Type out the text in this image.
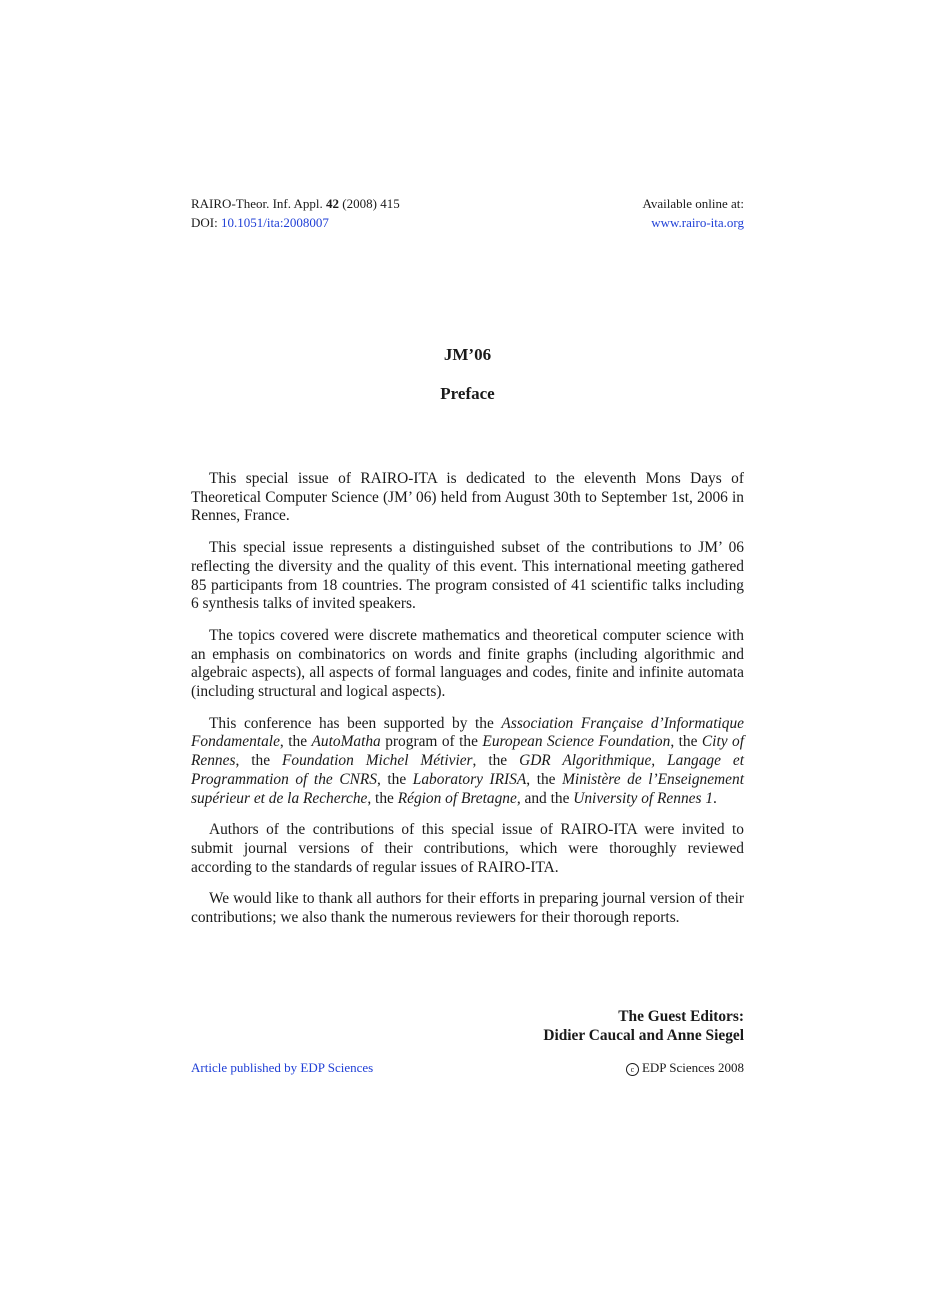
RAIRO-Theor. Inf. Appl. 42 (2008) 415
DOI: 10.1051/ita:2008007
Available online at:
www.rairo-ita.org
JM’06
Preface

This special issue of RAIRO-ITA is dedicated to the eleventh Mons Days of Theoretical Computer Science (JM’ 06) held from August 30th to September 1st, 2006 in Rennes, France.

This special issue represents a distinguished subset of the contributions to JM’ 06 reflecting the diversity and the quality of this event. This international meeting gathered 85 participants from 18 countries. The program consisted of 41 scientific talks including 6 synthesis talks of invited speakers.

The topics covered were discrete mathematics and theoretical computer science with an emphasis on combinatorics on words and finite graphs (including algorithmic and algebraic aspects), all aspects of formal languages and codes, finite and infinite automata (including structural and logical aspects).

This conference has been supported by the Association Française d’Informatique Fondamentale, the AutoMatha program of the European Science Foundation, the City of Rennes, the Foundation Michel Métivier, the GDR Algorithmique, Langage et Programmation of the CNRS, the Laboratory IRISA, the Ministère de l’Enseignement supérieur et de la Recherche, the Région of Bretagne, and the University of Rennes 1.

Authors of the contributions of this special issue of RAIRO-ITA were invited to submit journal versions of their contributions, which were thoroughly reviewed according to the standards of regular issues of RAIRO-ITA.

We would like to thank all authors for their efforts in preparing journal version of their contributions; we also thank the numerous reviewers for their thorough reports.

The Guest Editors:
Didier Caucal and Anne Siegel
Article published by EDP Sciences	c EDP Sciences 2008
